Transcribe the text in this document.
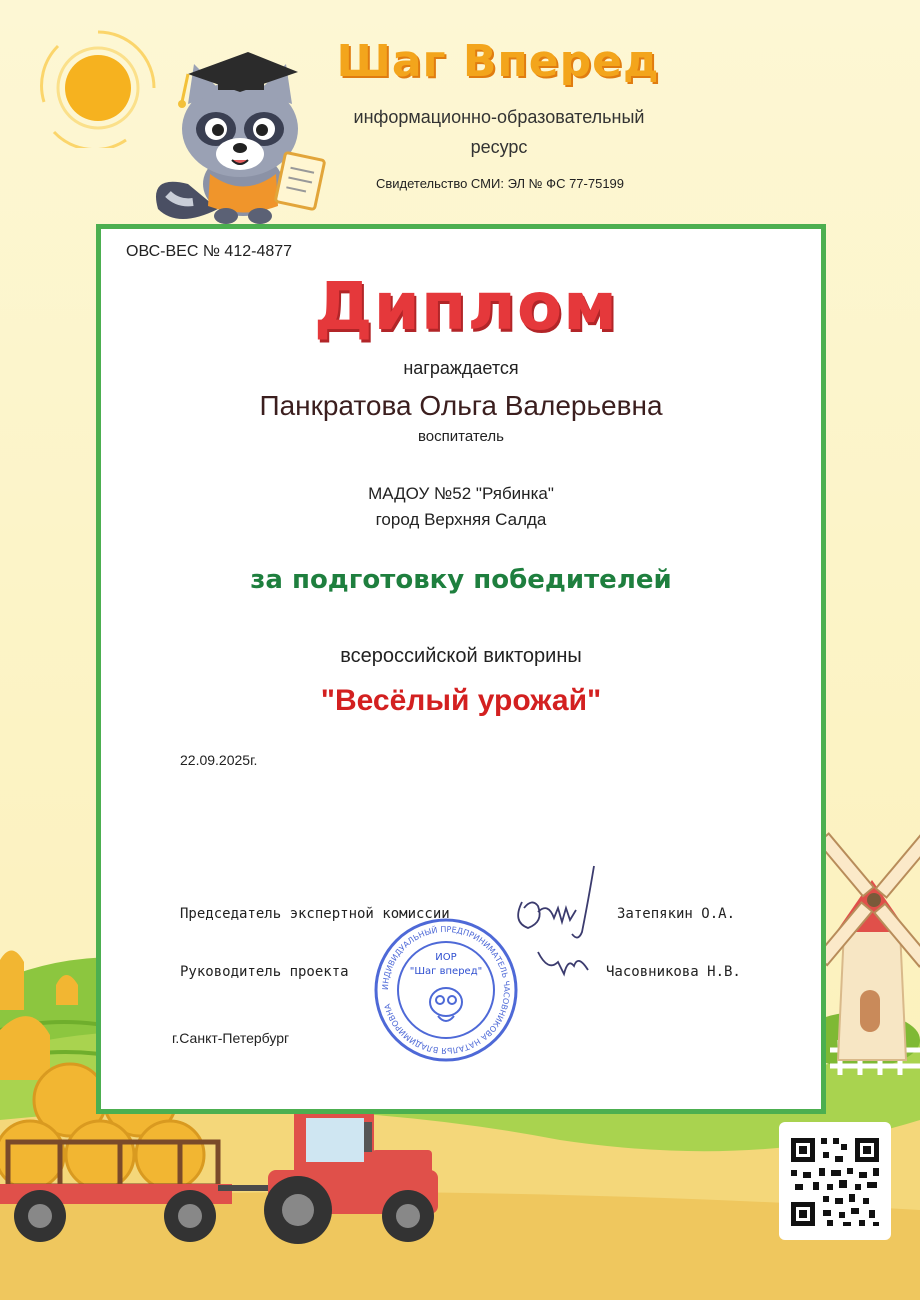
Шаг Вперед
информационно-образовательный
ресурс
Свидетельство СМИ: ЭЛ № ФС 77-75199
ОВС-ВЕС № 412-4877
Диплом
награждается
Панкратова Ольга Валерьевна
воспитатель
МАДОУ №52 "Рябинка"
город Верхняя Салда
за подготовку победителей
всероссийской викторины
"Весёлый урожай"
22.09.2025г.
ИНДИВИДУАЛЬНЫЙ ПРЕДПРИНИМАТЕЛЬ ЧАСОВНИКОВА НАТАЛЬЯ ВЛАДИМИРОВНА
ИОР
"Шаг вперед"
Председатель экспертной комиссии	Затепякин О.А.
Руководитель проекта	Часовникова Н.В.
г.Санкт-Петербург
